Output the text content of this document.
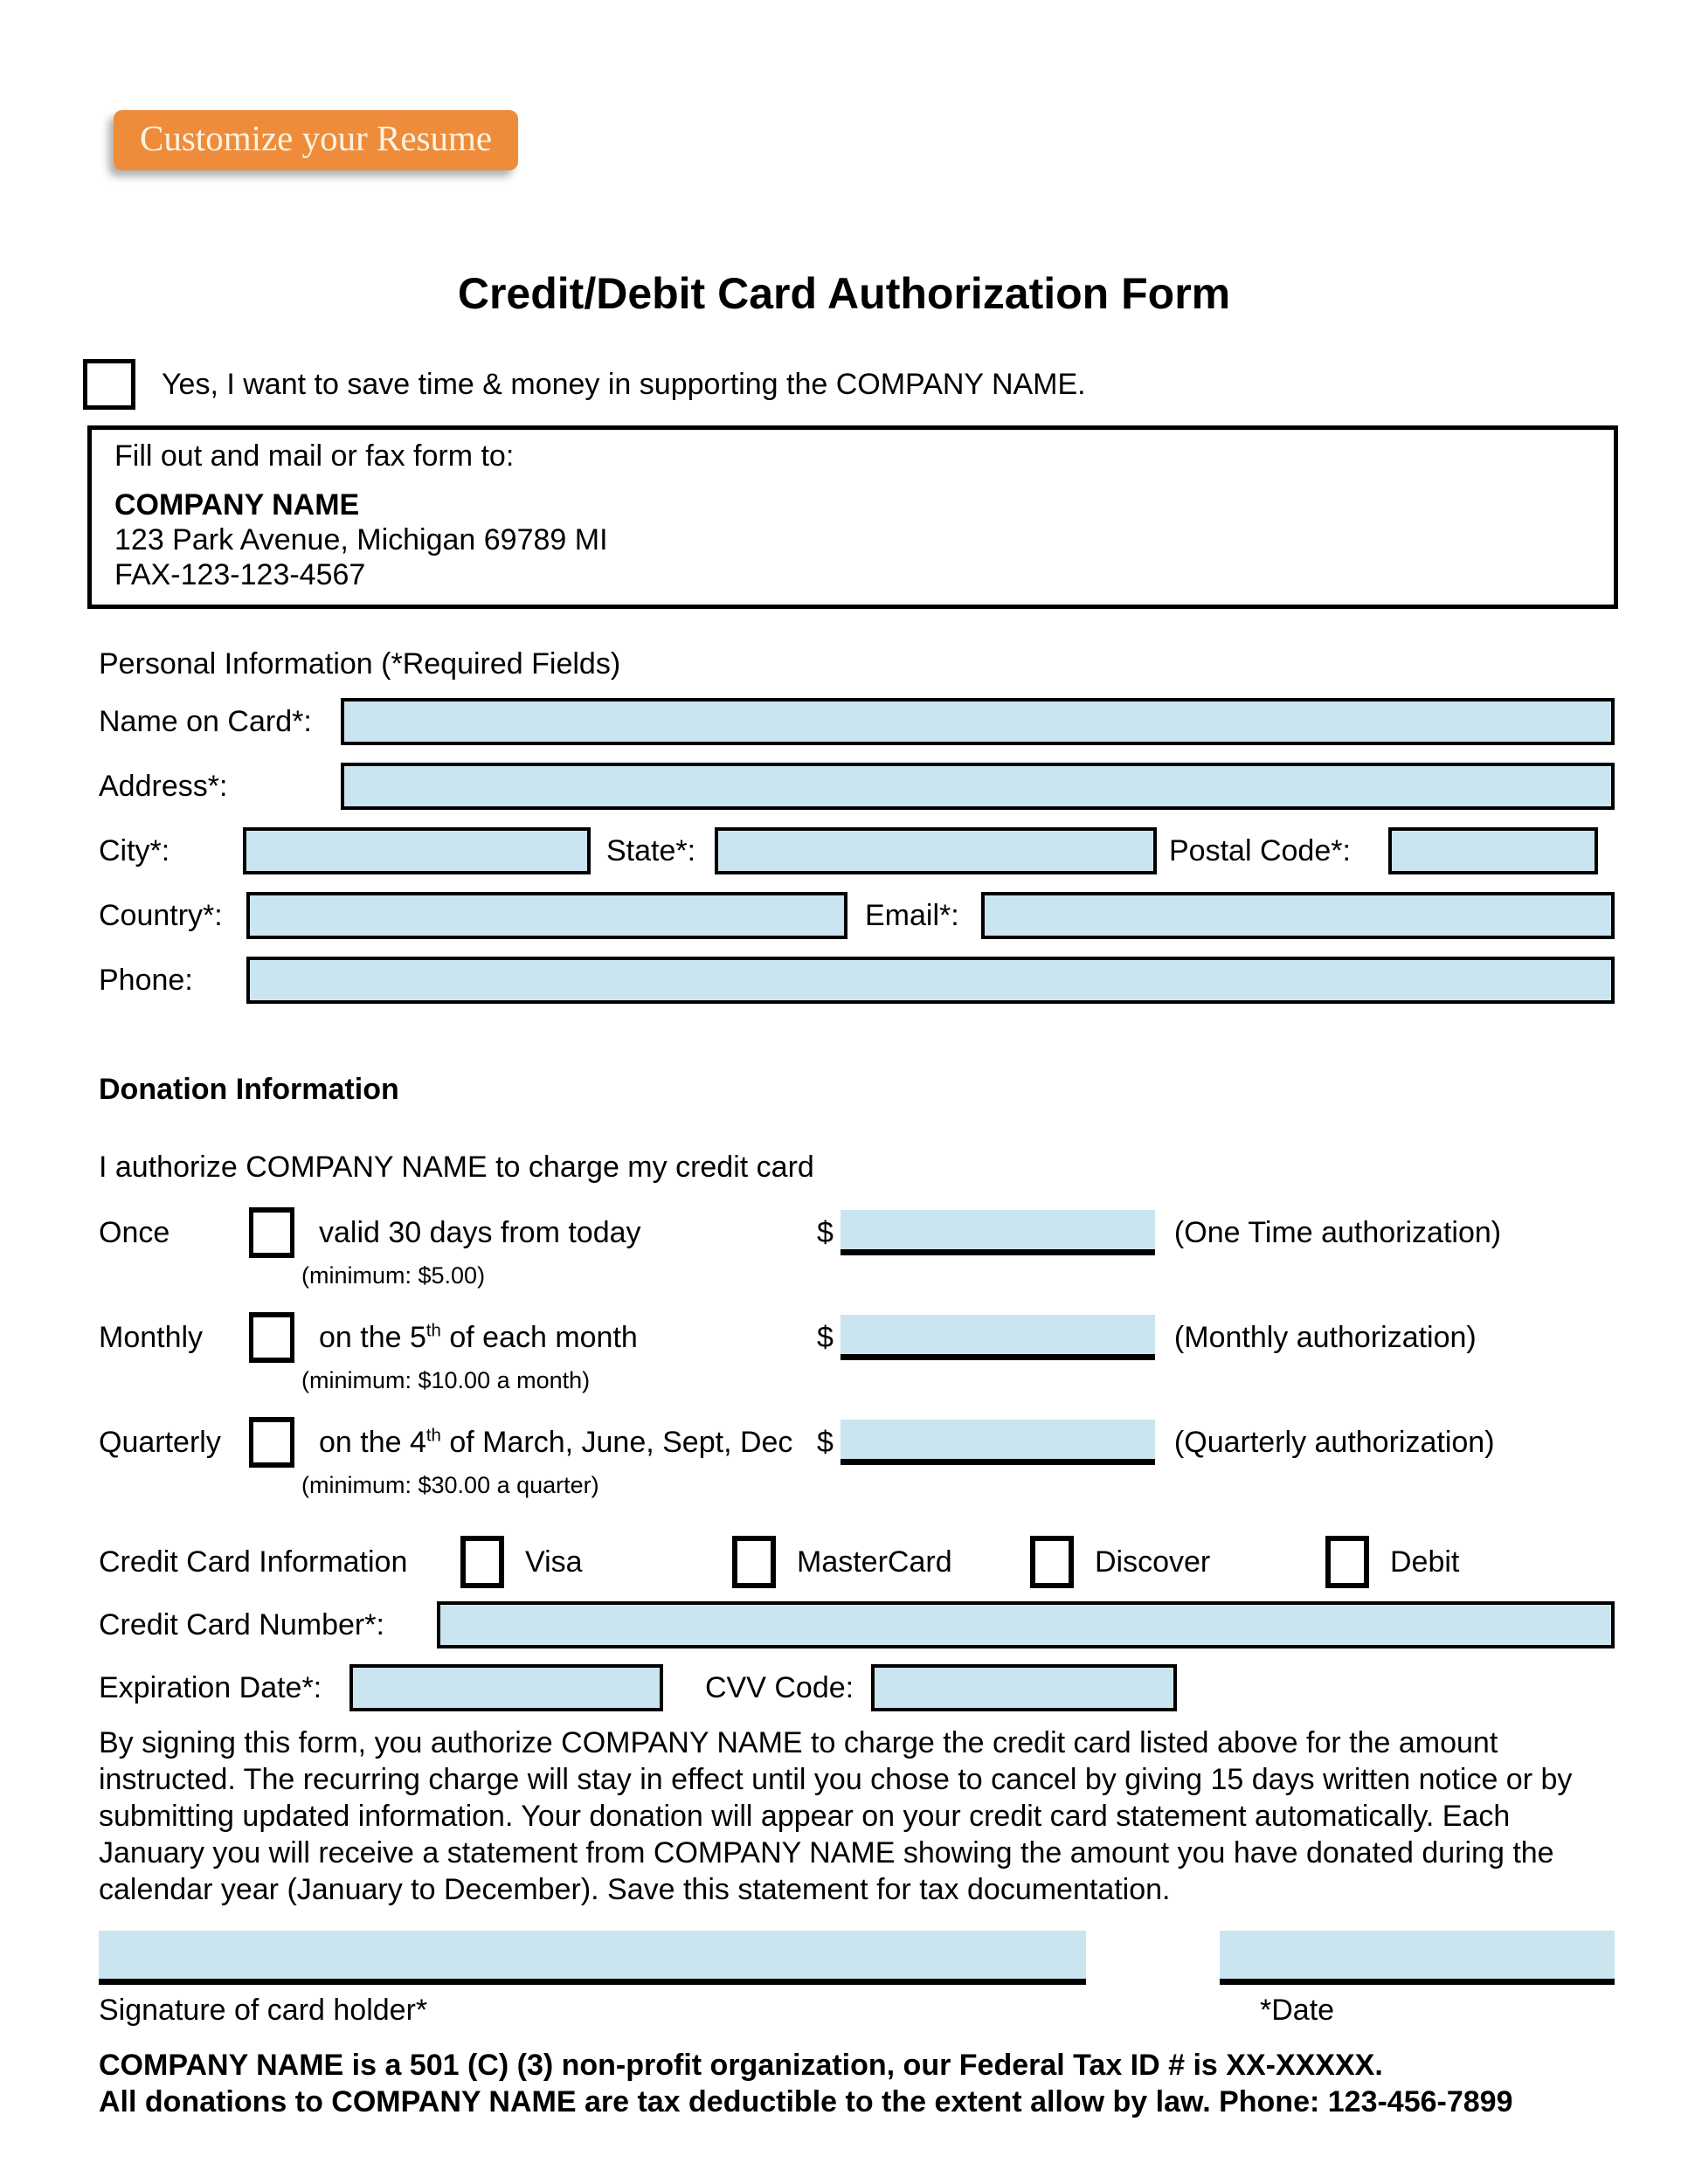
Customize your Resume
Credit/Debit Card Authorization Form
Yes, I want to save time & money in supporting the COMPANY NAME.
Fill out and mail or fax form to:
COMPANY NAME
123 Park Avenue, Michigan 69789 MI
FAX-123-123-4567
Personal Information (*Required Fields)
Name on Card*:
Address*:
City*:	State*:	Postal Code*:
Country*:	Email*:
Phone:
Donation Information
I authorize COMPANY NAME to charge my credit card
Once	valid 30 days from today	$	(One Time authorization)
(minimum: $5.00)
Monthly	on the 5th of each month	$	(Monthly authorization)
(minimum: $10.00 a month)
Quarterly	on the 4th of March, June, Sept, Dec $	(Quarterly authorization)
(minimum: $30.00 a quarter)
Credit Card Information	Visa	MasterCard	Discover	Debit
Credit Card Number*:
Expiration Date*:	CVV Code:

By signing this form, you authorize COMPANY NAME to charge the credit card listed above for the amount instructed. The recurring charge will stay in effect until you chose to cancel by giving 15 days written notice or by submitting updated information. Your donation will appear on your credit card statement automatically. Each January you will receive a statement from COMPANY NAME showing the amount you have donated during the calendar year (January to December). Save this statement for tax documentation.

Signature of card holder*	*Date
COMPANY NAME is a 501 (C) (3) non-profit organization, our Federal Tax ID # is XX-XXXXX.
All donations to COMPANY NAME are tax deductible to the extent allow by law. Phone: 123-456-7899
